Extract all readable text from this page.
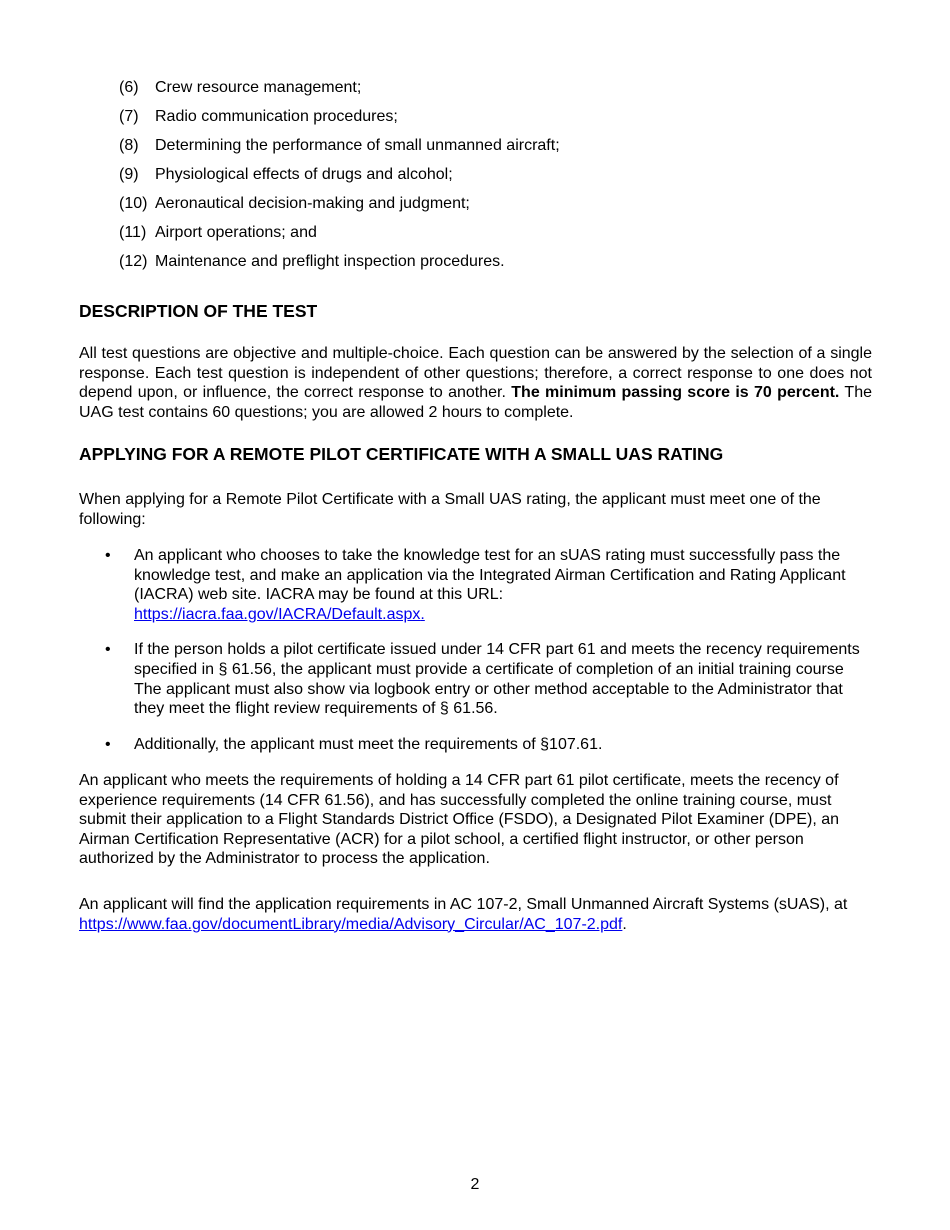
(6) Crew resource management;
(7) Radio communication procedures;
(8) Determining the performance of small unmanned aircraft;
(9) Physiological effects of drugs and alcohol;
(10) Aeronautical decision-making and judgment;
(11) Airport operations; and
(12) Maintenance and preflight inspection procedures.
DESCRIPTION OF THE TEST

All test questions are objective and multiple-choice. Each question can be answered by the selection of a single response. Each test question is independent of other questions; therefore, a correct response to one does not depend upon, or influence, the correct response to another. The minimum passing score is 70 percent. The UAG test contains 60 questions; you are allowed 2 hours to complete.

APPLYING FOR A REMOTE PILOT CERTIFICATE WITH A SMALL UAS RATING

When applying for a Remote Pilot Certificate with a Small UAS rating, the applicant must meet one of the following:

• An applicant who chooses to take the knowledge test for an sUAS rating must successfully pass the knowledge test, and make an application via the Integrated Airman Certification and Rating Applicant (IACRA) web site. IACRA may be found at this URL:
https://iacra.faa.gov/IACRA/Default.aspx.
• If the person holds a pilot certificate issued under 14 CFR part 61 and meets the recency requirements specified in § 61.56, the applicant must provide a certificate of completion of an initial training course The applicant must also show via logbook entry or other method acceptable to the Administrator that they meet the flight review requirements of § 61.56.
• Additionally, the applicant must meet the requirements of §107.61.

An applicant who meets the requirements of holding a 14 CFR part 61 pilot certificate, meets the recency of experience requirements (14 CFR 61.56), and has successfully completed the online training course, must submit their application to a Flight Standards District Office (FSDO), a Designated Pilot Examiner (DPE), an Airman Certification Representative (ACR) for a pilot school, a certified flight instructor, or other person authorized by the Administrator to process the application.

An applicant will find the application requirements in AC 107-2, Small Unmanned Aircraft Systems (sUAS), at https://www.faa.gov/documentLibrary/media/Advisory_Circular/AC_107-2.pdf.

2
